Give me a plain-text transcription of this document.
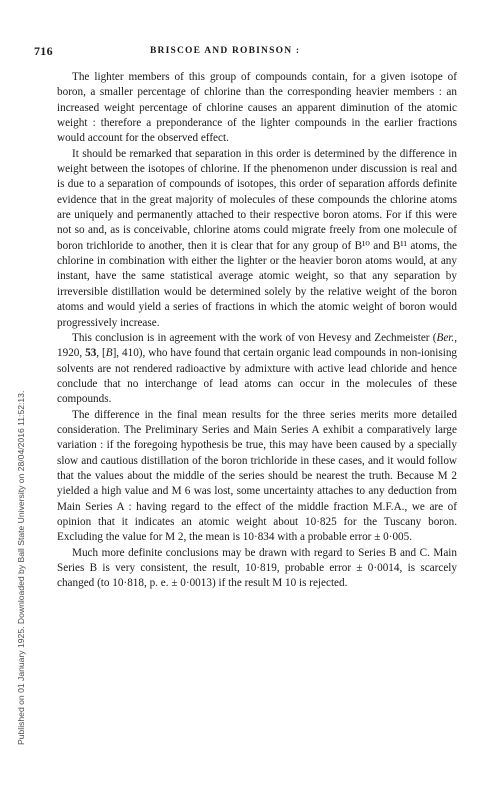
716	BRISCOE AND ROBINSON :
Published on 01 January 1925. Downloaded by Ball State University on 28/04/2016 11:52:13.

The lighter members of this group of compounds contain, for a given isotope of boron, a smaller percentage of chlorine than the corresponding heavier members : an increased weight percentage of chlorine causes an apparent diminution of the atomic weight : therefore a preponderance of the lighter compounds in the earlier fractions would account for the observed effect.

It should be remarked that separation in this order is determined by the difference in weight between the isotopes of chlorine. If the phenomenon under discussion is real and is due to a separation of compounds of isotopes, this order of separation affords definite evidence that in the great majority of molecules of these compounds the chlorine atoms are uniquely and permanently attached to their respective boron atoms. For if this were not so and, as is conceivable, chlorine atoms could migrate freely from one molecule of boron trichloride to another, then it is clear that for any group of B¹⁰ and B¹¹ atoms, the chlorine in combination with either the lighter or the heavier boron atoms would, at any instant, have the same statistical average atomic weight, so that any separation by irreversible distillation would be determined solely by the relative weight of the boron atoms and would yield a series of fractions in which the atomic weight of boron would progressively increase.

This conclusion is in agreement with the work of von Hevesy and Zechmeister (Ber., 1920, 53, [B], 410), who have found that certain organic lead compounds in non-ionising solvents are not rendered radioactive by admixture with active lead chloride and hence conclude that no interchange of lead atoms can occur in the molecules of these compounds.

The difference in the final mean results for the three series merits more detailed consideration. The Preliminary Series and Main Series A exhibit a comparatively large variation : if the foregoing hypothesis be true, this may have been caused by a specially slow and cautious distillation of the boron trichloride in these cases, and it would follow that the values about the middle of the series should be nearest the truth. Because M 2 yielded a high value and M 6 was lost, some uncertainty attaches to any deduction from Main Series A : having regard to the effect of the middle fraction M.F.A., we are of opinion that it indicates an atomic weight about 10·825 for the Tuscany boron. Excluding the value for M 2, the mean is 10·834 with a probable error ± 0·005.

Much more definite conclusions may be drawn with regard to Series B and C. Main Series B is very consistent, the result, 10·819, probable error ± 0·0014, is scarcely changed (to 10·818, p. e. ± 0·0013) if the result M 10 is rejected.
